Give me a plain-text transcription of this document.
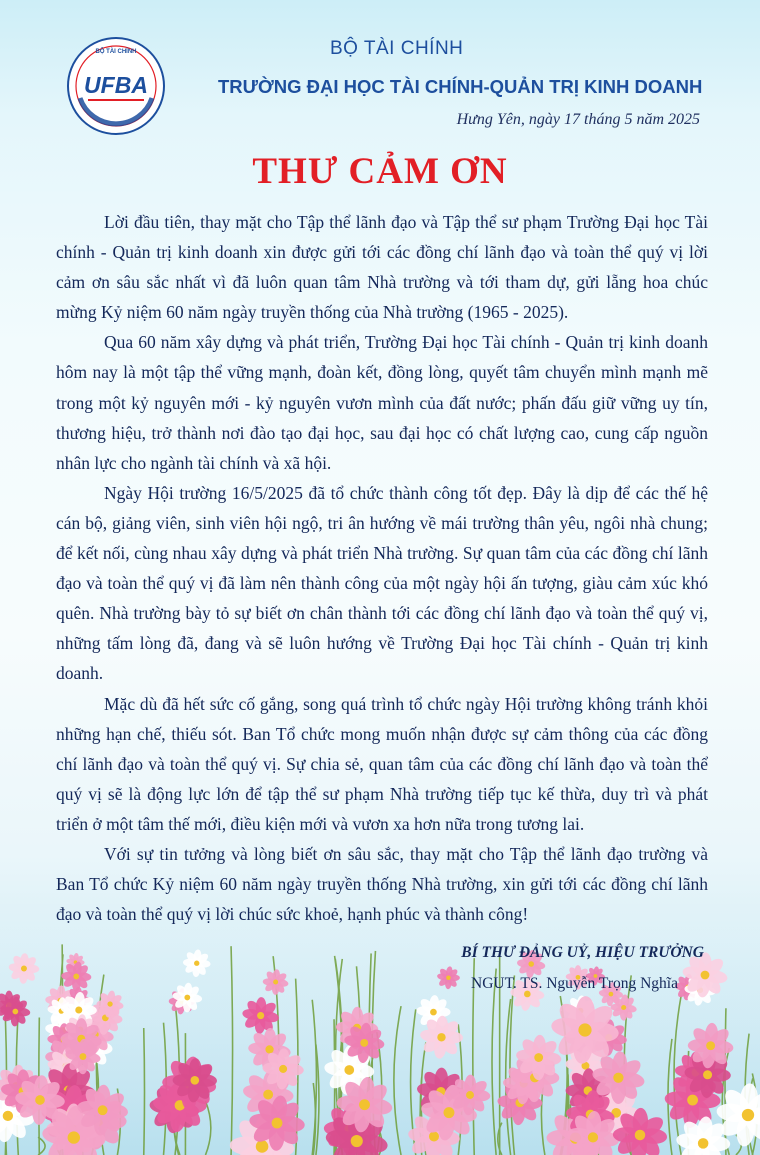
BỘ TÀI CHÍNH
UFBA
BỘ TÀI CHÍNH
TRƯỜNG ĐẠI HỌC TÀI CHÍNH-QUẢN TRỊ KINH DOANH
Hưng Yên, ngày 17 tháng 5 năm 2025
THƯ CẢM ƠN

Lời đầu tiên, thay mặt cho Tập thể lãnh đạo và Tập thể sư phạm Trường Đại học Tài chính - Quản trị kinh doanh xin được gửi tới các đồng chí lãnh đạo và toàn thể quý vị lời cảm ơn sâu sắc nhất vì đã luôn quan tâm Nhà trường và tới tham dự, gửi lẵng hoa chúc mừng Kỷ niệm 60 năm ngày truyền thống của Nhà trường (1965 - 2025).

Qua 60 năm xây dựng và phát triển, Trường Đại học Tài chính - Quản trị kinh doanh hôm nay là một tập thể vững mạnh, đoàn kết, đồng lòng, quyết tâm chuyển mình mạnh mẽ trong một kỷ nguyên mới - kỷ nguyên vươn mình của đất nước; phấn đấu giữ vững uy tín, thương hiệu, trở thành nơi đào tạo đại học, sau đại học có chất lượng cao, cung cấp nguồn nhân lực cho ngành tài chính và xã hội.

Ngày Hội trường 16/5/2025 đã tổ chức thành công tốt đẹp. Đây là dịp để các thế hệ cán bộ, giảng viên, sinh viên hội ngộ, tri ân hướng về mái trường thân yêu, ngôi nhà chung; để kết nối, cùng nhau xây dựng và phát triển Nhà trường. Sự quan tâm của các đồng chí lãnh đạo và toàn thể quý vị đã làm nên thành công của một ngày hội ấn tượng, giàu cảm xúc khó quên. Nhà trường bày tỏ sự biết ơn chân thành tới các đồng chí lãnh đạo và toàn thể quý vị, những tấm lòng đã, đang và sẽ luôn hướng về Trường Đại học Tài chính - Quản trị kinh doanh.

Mặc dù đã hết sức cố gắng, song quá trình tổ chức ngày Hội trường không tránh khỏi những hạn chế, thiếu sót. Ban Tổ chức mong muốn nhận được sự cảm thông của các đồng chí lãnh đạo và toàn thể quý vị. Sự chia sẻ, quan tâm của các đồng chí lãnh đạo và toàn thể quý vị sẽ là động lực lớn để tập thể sư phạm Nhà trường tiếp tục kế thừa, duy trì và phát triển ở một tâm thế mới, điều kiện mới và vươn xa hơn nữa trong tương lai.

Với sự tin tưởng và lòng biết ơn sâu sắc, thay mặt cho Tập thể lãnh đạo trường và Ban Tổ chức Kỷ niệm 60 năm ngày truyền thống Nhà trường, xin gửi tới các đồng chí lãnh đạo và toàn thể quý vị lời chúc sức khoẻ, hạnh phúc và thành công!

BÍ THƯ ĐẢNG UỶ, HIỆU TRƯỞNG
NGUT. TS. Nguyễn Trọng Nghĩa
